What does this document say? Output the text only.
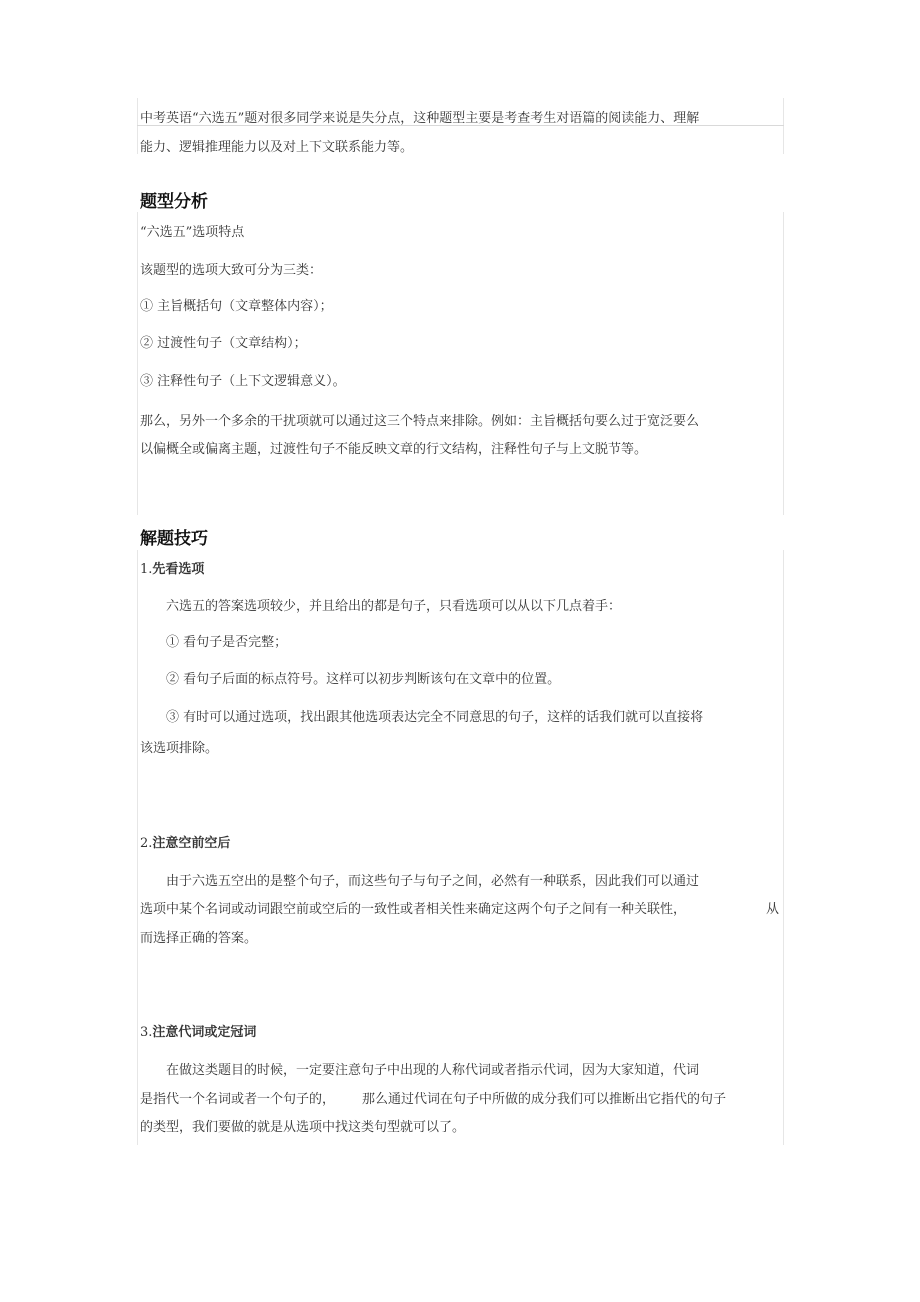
中考英语“六选五”题对很多同学来说是失分点，这种题型主要是考查考生对语篇的阅读能力、理解
能力、逻辑推理能力以及对上下文联系能力等。
题型分析
“六选五”选项特点
该题型的选项大致可分为三类：
① 主旨概括句（文章整体内容）；
② 过渡性句子（文章结构）；
③ 注释性句子（上下文逻辑意义）。
那么，另外一个多余的干扰项就可以通过这三个特点来排除。例如：主旨概括句要么过于宽泛要么
以偏概全或偏离主题，过渡性句子不能反映文章的行文结构，注释性句子与上文脱节等。
解题技巧
1.先看选项
六选五的答案选项较少，并且给出的都是句子，只看选项可以从以下几点着手：
① 看句子是否完整；
② 看句子后面的标点符号。这样可以初步判断该句在文章中的位置。
③ 有时可以通过选项，找出跟其他选项表达完全不同意思的句子，这样的话我们就可以直接将
该选项排除。
2.注意空前空后
由于六选五空出的是整个句子，而这些句子与句子之间，必然有一种联系，因此我们可以通过
选项中某个名词或动词跟空前或空后的一致性或者相关性来确定这两个句子之间有一种关联性，	从
而选择正确的答案。
3.注意代词或定冠词
在做这类题目的时候，一定要注意句子中出现的人称代词或者指示代词，因为大家知道，代词
是指代一个名词或者一个句子的， 那么通过代词在句子中所做的成分我们可以推断出它指代的句子
的类型，我们要做的就是从选项中找这类句型就可以了。
